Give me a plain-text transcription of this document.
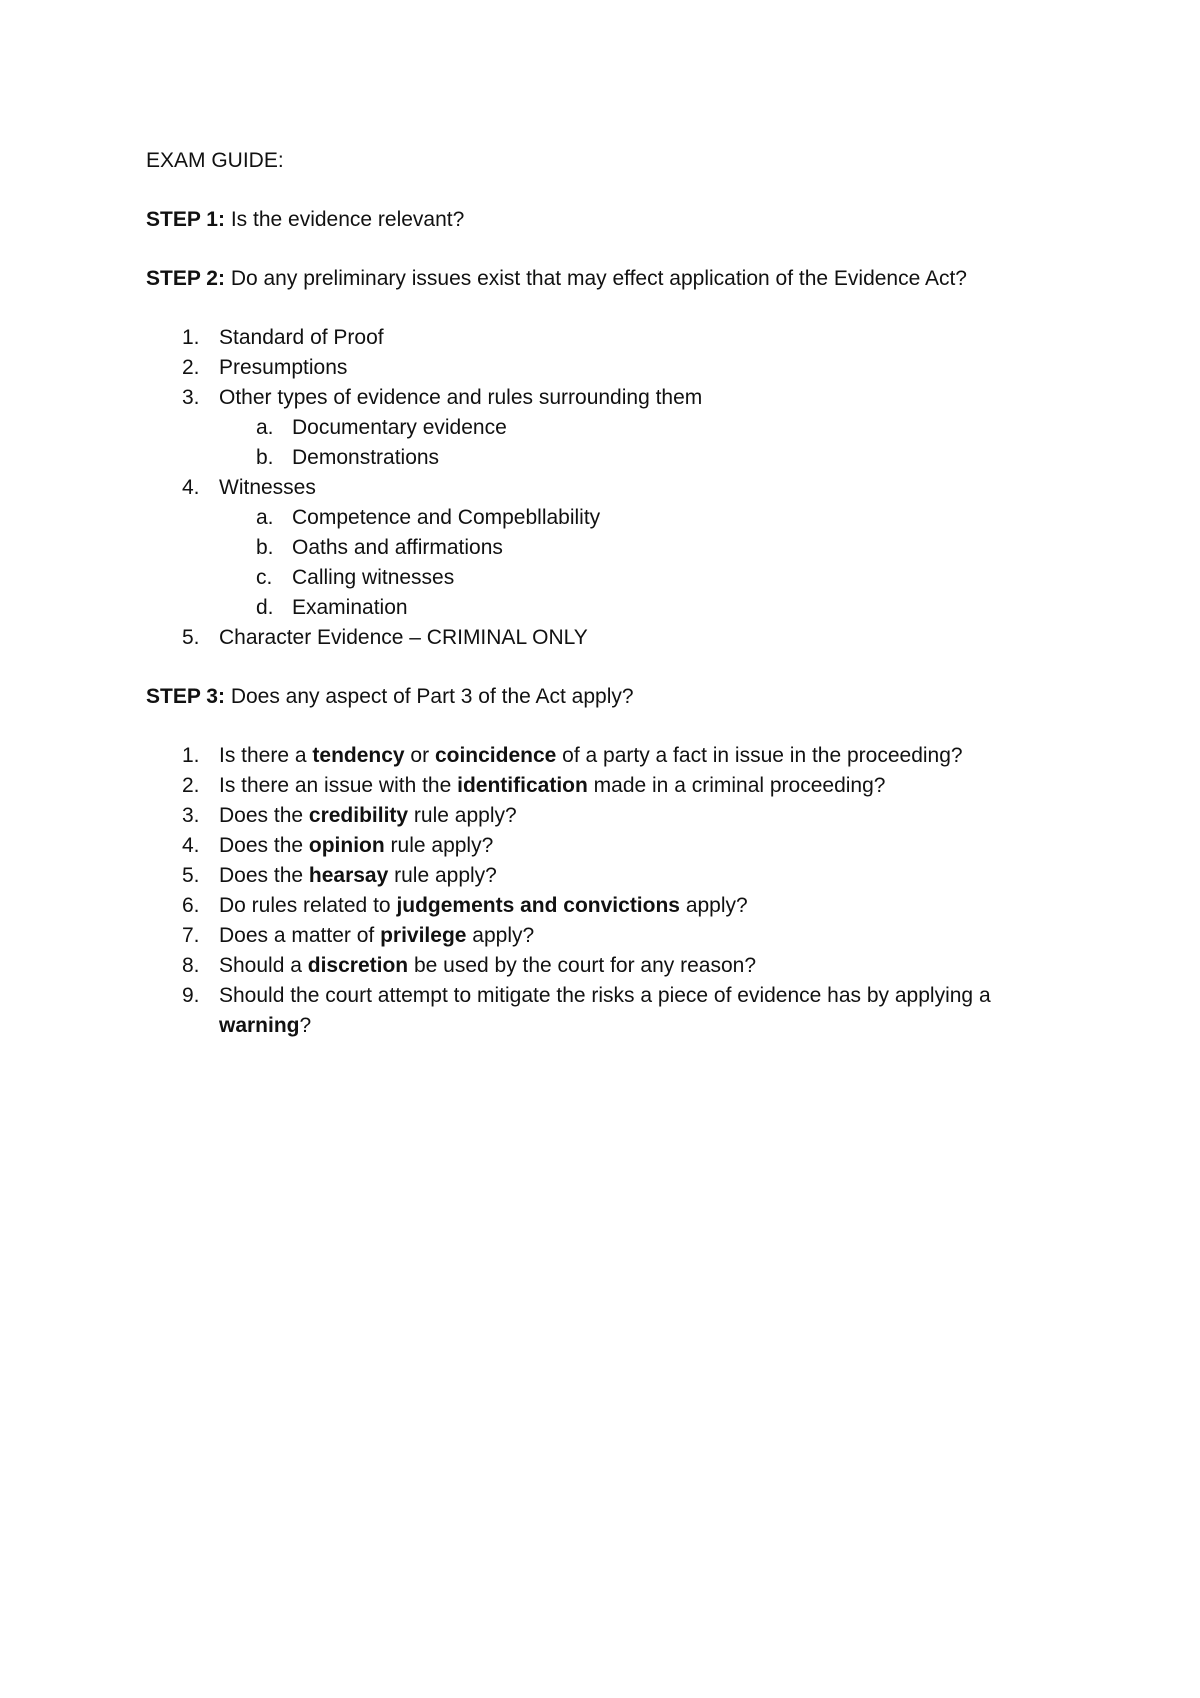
EXAM GUIDE:

STEP 1: Is the evidence relevant?

STEP 2: Do any preliminary issues exist that may effect application of the Evidence Act?

1. Standard of Proof
2. Presumptions
3. Other types of evidence and rules surrounding them
a. Documentary evidence
b. Demonstrations
4. Witnesses
a. Competence and Compebllability
b. Oaths and affirmations
c. Calling witnesses
d. Examination
5. Character Evidence – CRIMINAL ONLY

STEP 3: Does any aspect of Part 3 of the Act apply?

1. Is there a tendency or coincidence of a party a fact in issue in the proceeding?
2. Is there an issue with the identification made in a criminal proceeding?
3. Does the credibility rule apply?
4. Does the opinion rule apply?
5. Does the hearsay rule apply?
6. Do rules related to judgements and convictions apply?
7. Does a matter of privilege apply?
8. Should a discretion be used by the court for any reason?
9. Should the court attempt to mitigate the risks a piece of evidence has by applying a warning?
